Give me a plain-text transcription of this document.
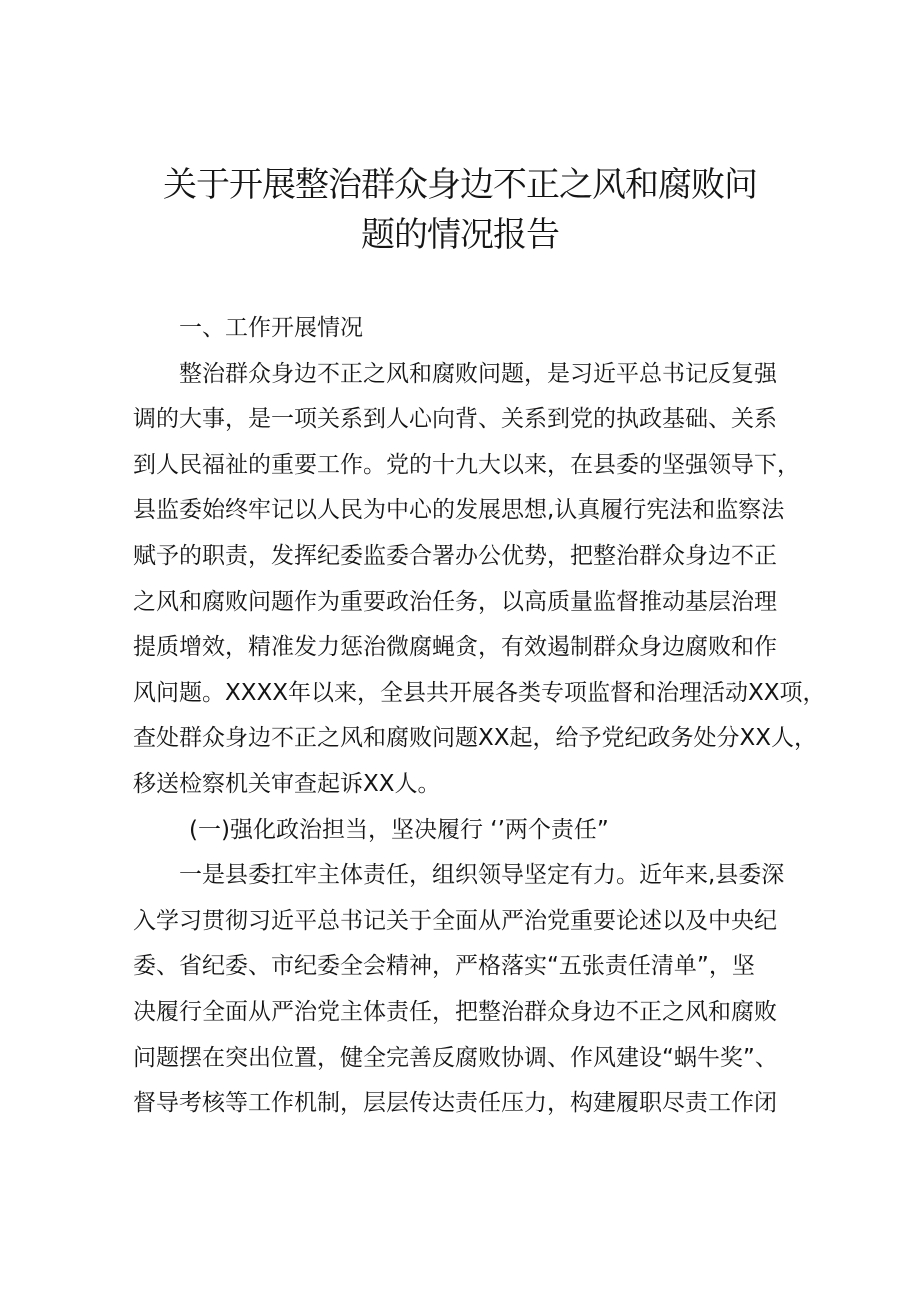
关于开展整治群众身边不正之风和腐败问
题的情况报告
一、工作开展情况
整治群众身边不正之风和腐败问题，是习近平总书记反复强
调的大事，是一项关系到人心向背、关系到党的执政基础、关系
到人民福祉的重要工作。党的十九大以来，在县委的坚强领导下，
县监委始终牢记以人民为中心的发展思想,认真履行宪法和监察法
赋予的职责，发挥纪委监委合署办公优势，把整治群众身边不正
之风和腐败问题作为重要政治任务，以高质量监督推动基层治理
提质增效，精准发力惩治微腐蝇贪，有效遏制群众身边腐败和作
风问题。XXXX年以来，全县共开展各类专项监督和治理活动XX项，
查处群众身边不正之风和腐败问题XX起，给予党纪政务处分XX人，
移送检察机关审查起诉XX人。
(一)强化政治担当，坚决履行 ‘’两个责任”
一是县委扛牢主体责任，组织领导坚定有力。近年来,县委深
入学习贯彻习近平总书记关于全面从严治党重要论述以及中央纪
委、省纪委、市纪委全会精神，严格落实“五张责任清单”，坚
决履行全面从严治党主体责任，把整治群众身边不正之风和腐败
问题摆在突出位置，健全完善反腐败协调、作风建设“蜗牛奖”、
督导考核等工作机制，层层传达责任压力，构建履职尽责工作闭
